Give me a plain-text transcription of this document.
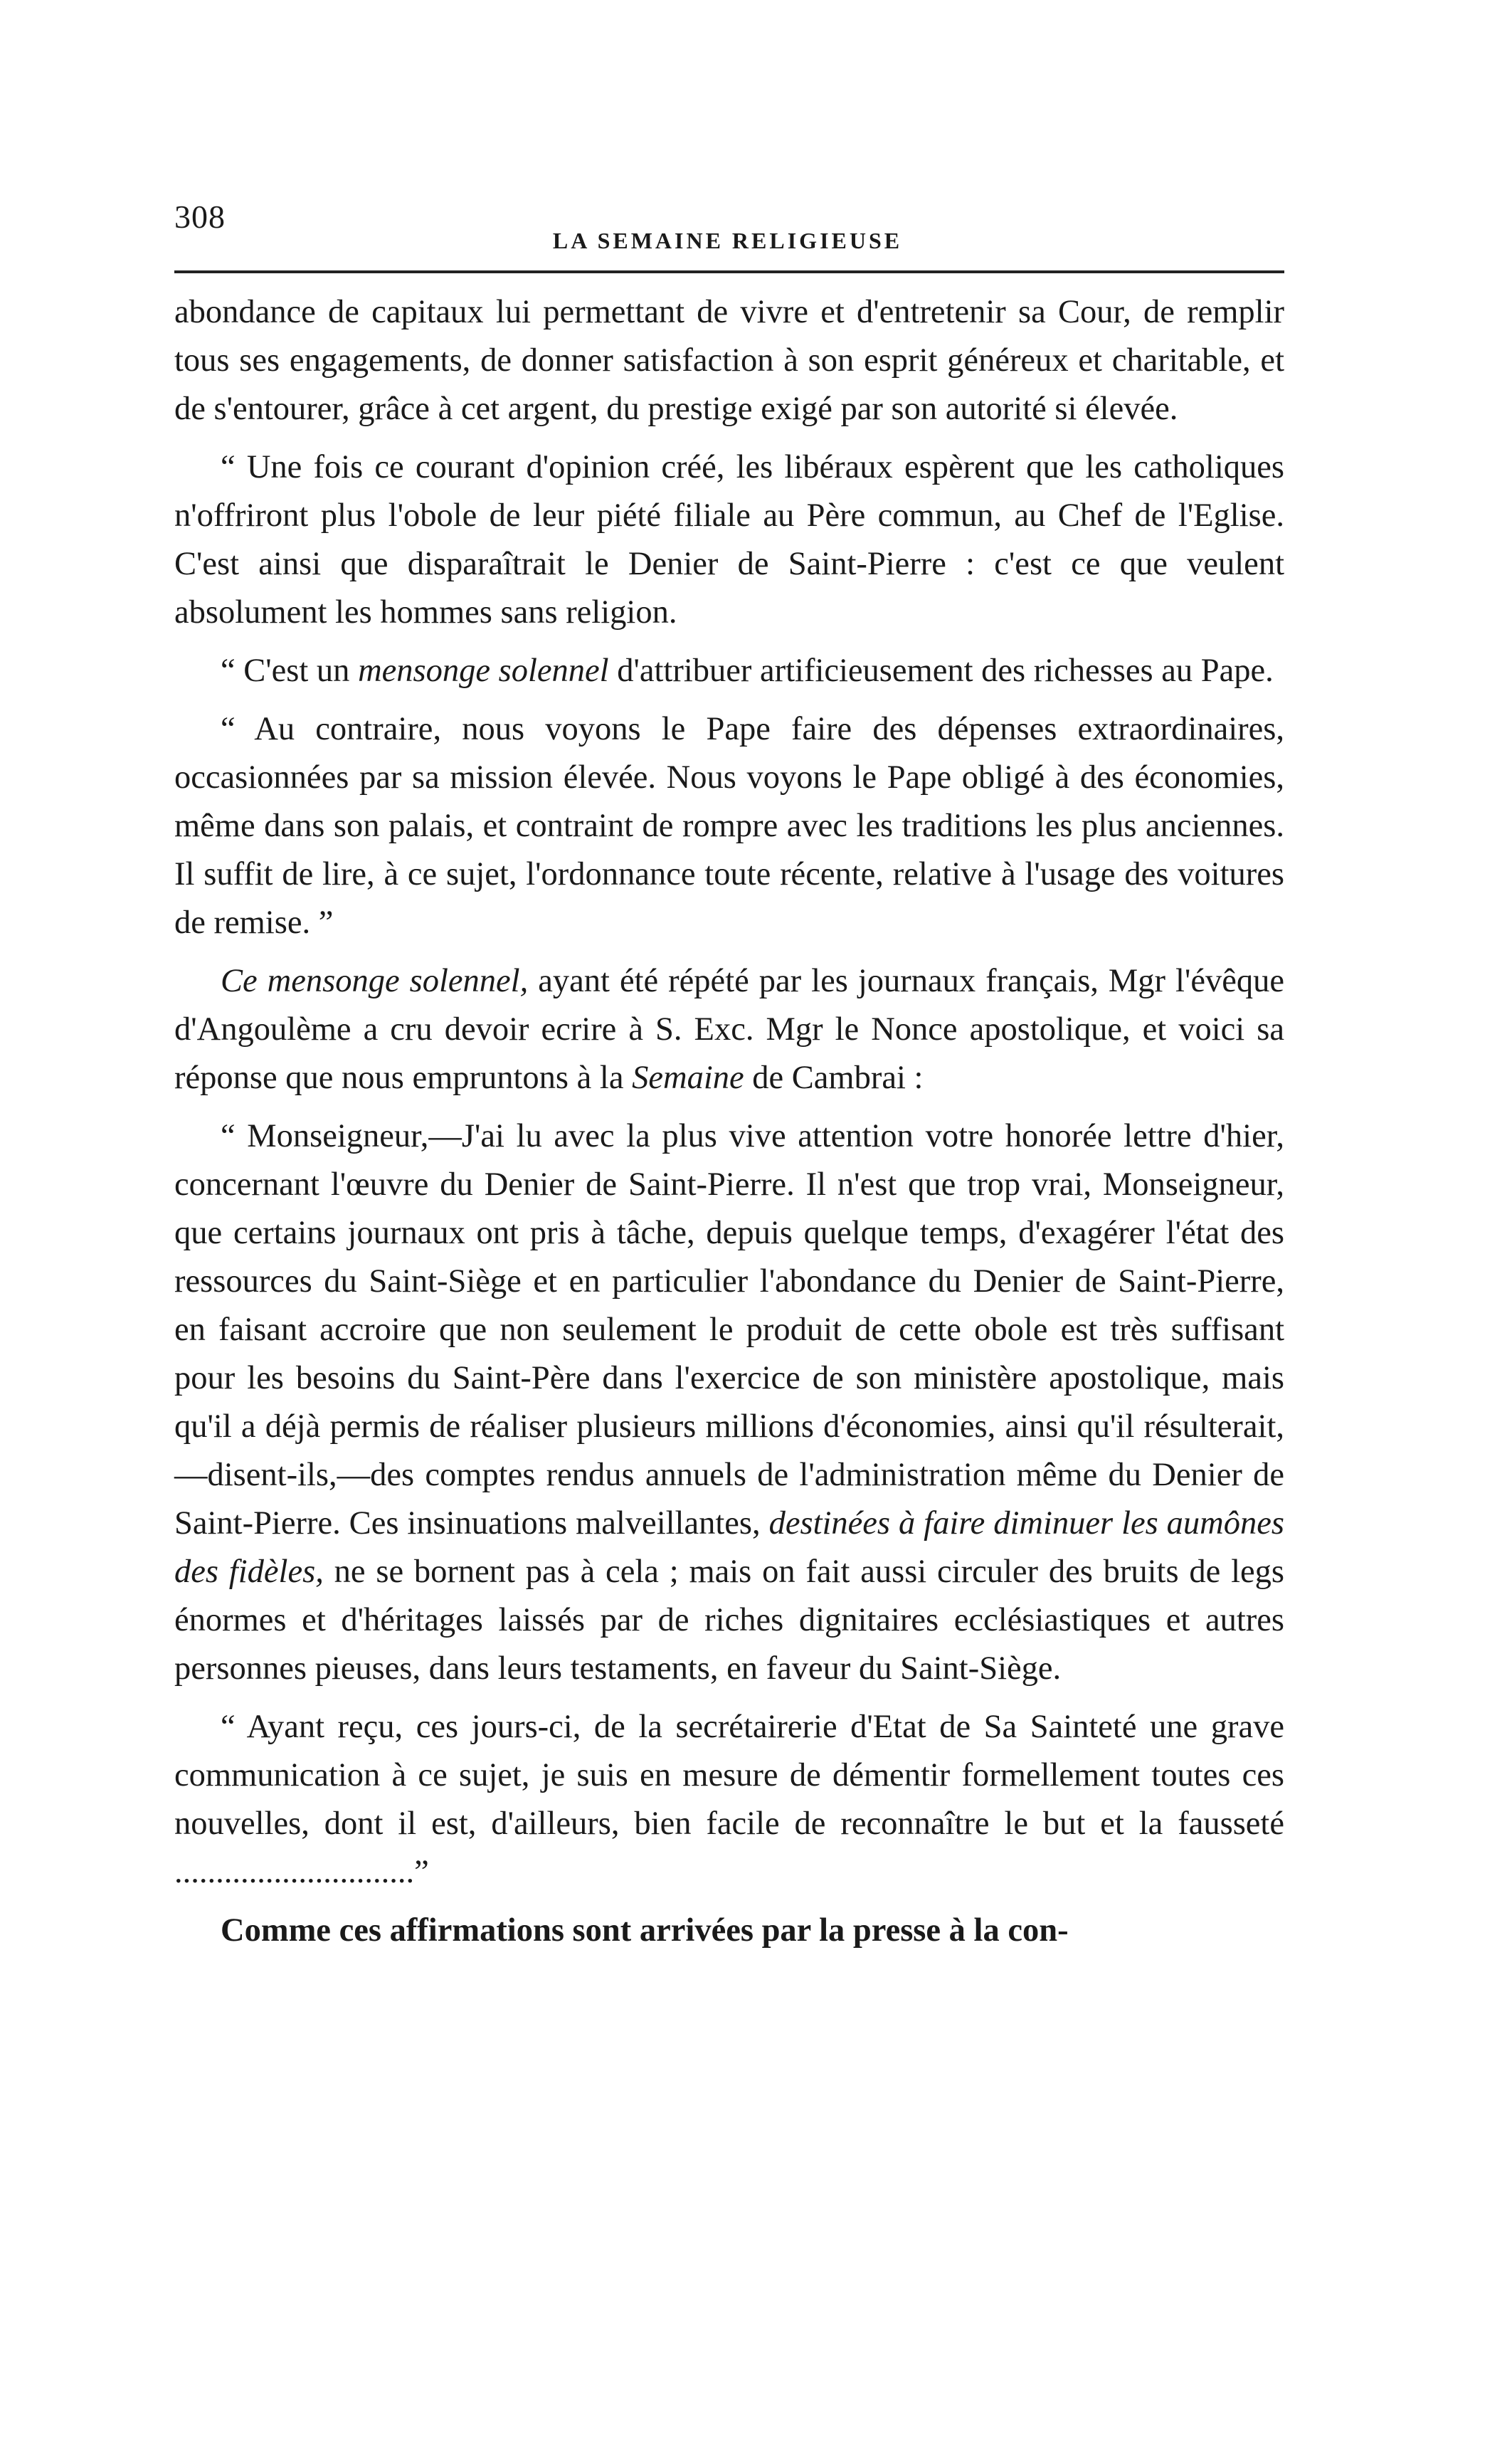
308
LA SEMAINE RELIGIEUSE

abondance de capitaux lui permettant de vivre et d'entretenir sa Cour, de remplir tous ses engagements, de donner satisfaction à son esprit généreux et charitable, et de s'entourer, grâce à cet argent, du prestige exigé par son autorité si élevée.

“ Une fois ce courant d'opinion créé, les libéraux espèrent que les catholiques n'offriront plus l'obole de leur piété filiale au Père commun, au Chef de l'Eglise. C'est ainsi que disparaîtrait le Denier de Saint-Pierre : c'est ce que veulent absolument les hommes sans religion.

“ C'est un mensonge solennel d'attribuer artificieusement des richesses au Pape.

“ Au contraire, nous voyons le Pape faire des dépenses extraordinaires, occasionnées par sa mission élevée. Nous voyons le Pape obligé à des économies, même dans son palais, et contraint de rompre avec les traditions les plus anciennes. Il suffit de lire, à ce sujet, l'ordonnance toute récente, relative à l'usage des voitures de remise. ”

Ce mensonge solennel, ayant été répété par les journaux français, Mgr l'évêque d'Angoulème a cru devoir ecrire à S. Exc. Mgr le Nonce apostolique, et voici sa réponse que nous empruntons à la Semaine de Cambrai :

“ Monseigneur,—J'ai lu avec la plus vive attention votre honorée lettre d'hier, concernant l'œuvre du Denier de Saint-Pierre. Il n'est que trop vrai, Monseigneur, que certains journaux ont pris à tâche, depuis quelque temps, d'exagérer l'état des ressources du Saint-Siège et en particulier l'abondance du Denier de Saint-Pierre, en faisant accroire que non seulement le produit de cette obole est très suffisant pour les besoins du Saint-Père dans l'exercice de son ministère apostolique, mais qu'il a déjà permis de réaliser plusieurs millions d'économies, ainsi qu'il résulterait, —disent-ils,—des comptes rendus annuels de l'administration même du Denier de Saint-Pierre. Ces insinuations malveillantes, destinées à faire diminuer les aumônes des fidèles, ne se bornent pas à cela ; mais on fait aussi circuler des bruits de legs énormes et d'héritages laissés par de riches dignitaires ecclésiastiques et autres personnes pieuses, dans leurs testaments, en faveur du Saint-Siège.

“ Ayant reçu, ces jours-ci, de la secrétairerie d'Etat de Sa Sainteté une grave communication à ce sujet, je suis en mesure de démentir formellement toutes ces nouvelles, dont il est, d'ailleurs, bien facile de reconnaître le but et la fausseté .............................”

Comme ces affirmations sont arrivées par la presse à la con-
